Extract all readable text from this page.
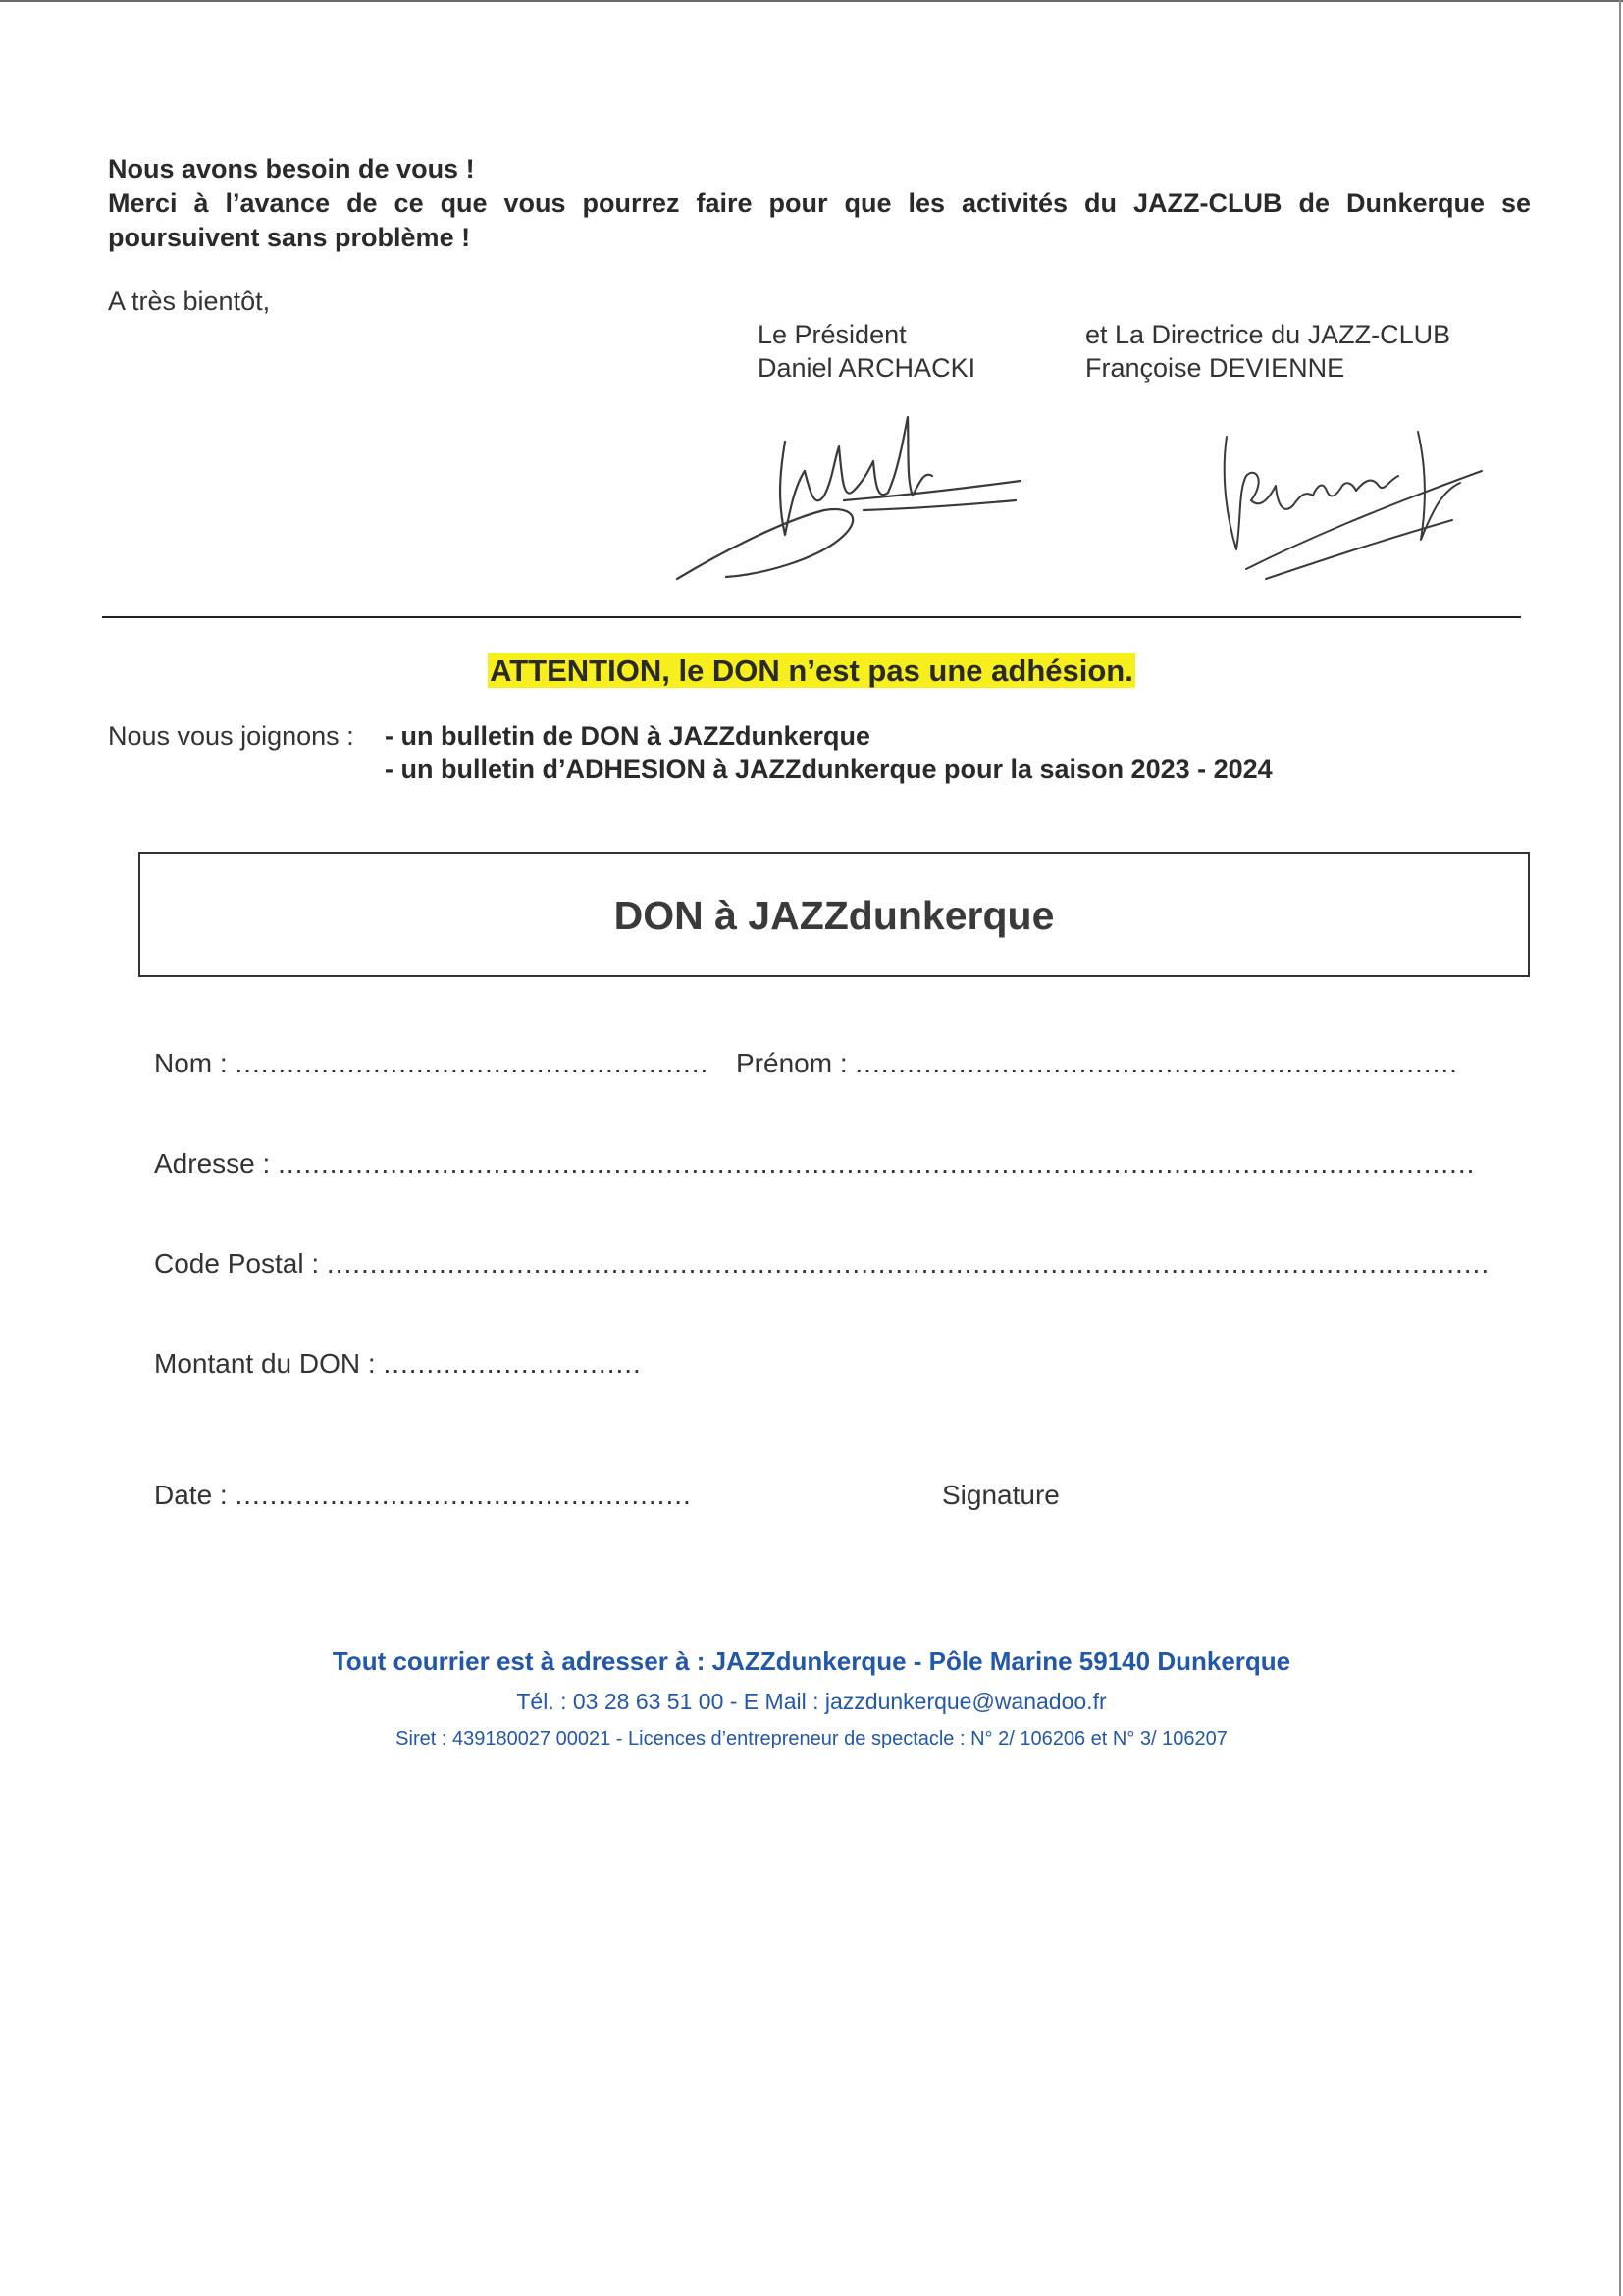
Nous avons besoin de vous !
Merci à l’avance de ce que vous pourrez faire pour que les activités du JAZZ-CLUB de Dunkerque se poursuivent sans problème !
A très bientôt,
Le Président
Daniel ARCHACKI
et La Directrice du JAZZ-CLUB
Françoise DEVIENNE
ATTENTION, le DON n’est pas une adhésion.
Nous vous joignons : - un bulletin de DON à JAZZdunkerque
- un bulletin d’ADHESION à JAZZdunkerque pour la saison 2023 - 2024
DON à JAZZdunkerque
Nom : ....................................................... Prénom : ......................................................................
Adresse : ...........................................................................................................................................
Code Postal : .......................................................................................................................................
Montant du DON : ..............................
Date : .....................................................	Signature
Tout courrier est à adresser à : JAZZdunkerque - Pôle Marine 59140 Dunkerque
Tél. : 03 28 63 51 00 - E Mail : jazzdunkerque@wanadoo.fr
Siret : 439180027 00021 - Licences d’entrepreneur de spectacle : N° 2/ 106206 et N° 3/ 106207
